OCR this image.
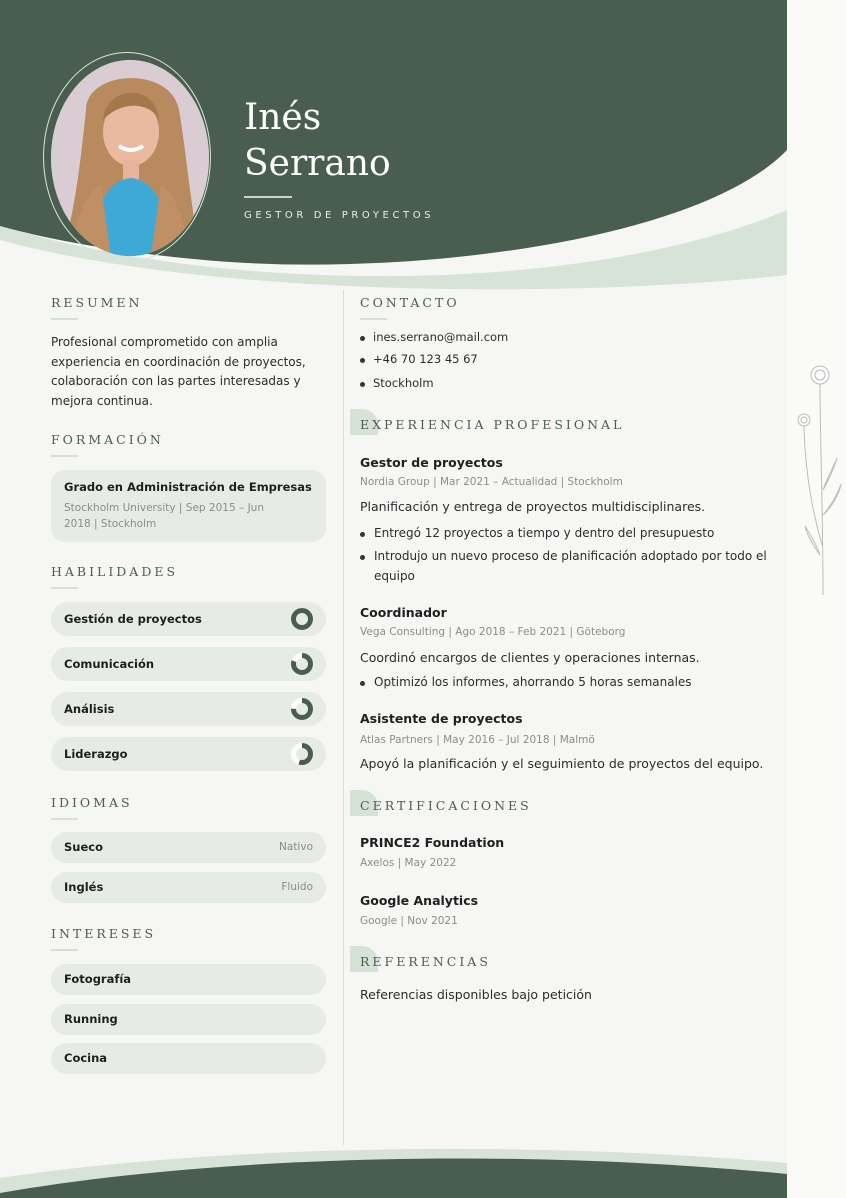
Inés
Serrano
GESTOR DE PROYECTOS
RESUMEN
Profesional comprometido con amplia
experiencia en coordinación de proyectos,
colaboración con las partes interesadas y
mejora continua.
FORMACIÓN
Grado en Administración de Empresas
Stockholm University | Sep 2015 – Jun
2018 | Stockholm
HABILIDADES
Gestión de proyectos
Comunicación
Análisis
Liderazgo
IDIOMAS
Sueco	Nativo
Inglés	Fluido
INTERESES
Fotografía
Running
Cocina
CONTACTO
ines.serrano@mail.com
+46 70 123 45 67
Stockholm
EXPERIENCIA PROFESIONAL
Gestor de proyectos
Nordia Group | Mar 2021 – Actualidad | Stockholm
Planificación y entrega de proyectos multidisciplinares.
Entregó 12 proyectos a tiempo y dentro del presupuesto
Introdujo un nuevo proceso de planificación adoptado por todo el
equipo
Coordinador
Vega Consulting | Ago 2018 – Feb 2021 | Göteborg
Coordinó encargos de clientes y operaciones internas.
Optimizó los informes, ahorrando 5 horas semanales
Asistente de proyectos
Atlas Partners | May 2016 – Jul 2018 | Malmö
Apoyó la planificación y el seguimiento de proyectos del equipo.
CERTIFICACIONES
PRINCE2 Foundation
Axelos | May 2022
Google Analytics
Google | Nov 2021
REFERENCIAS
Referencias disponibles bajo petición
